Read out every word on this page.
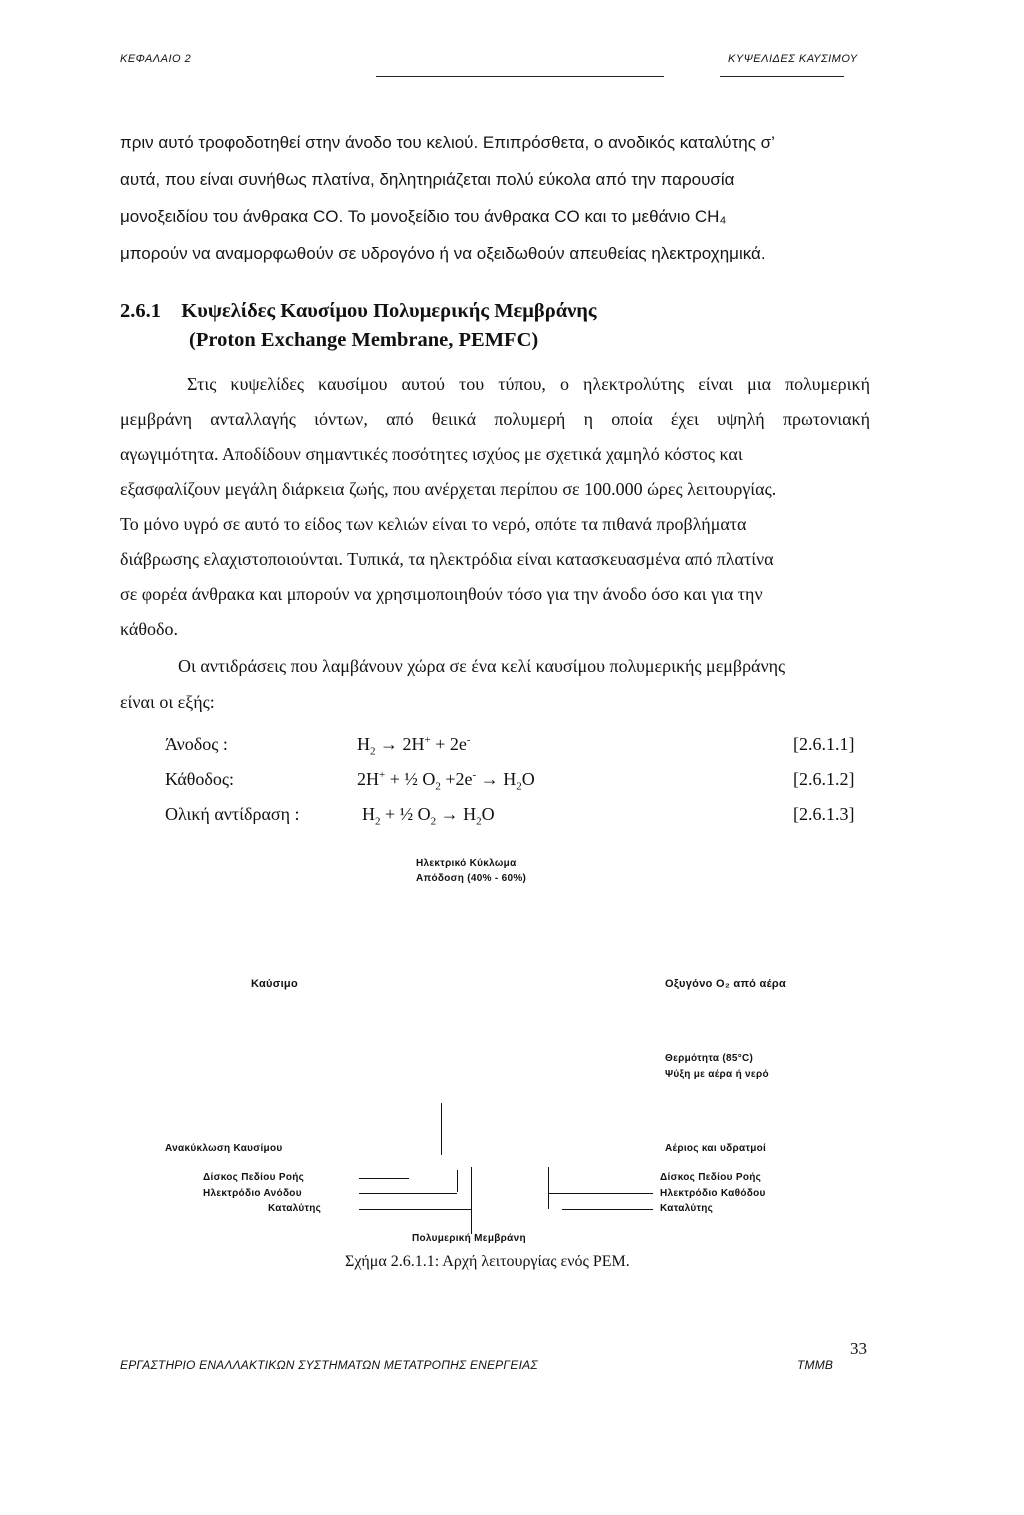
ΚΕΦΑΛΑΙΟ 2	ΚΥΨΕΛΙΔΕΣ ΚΑΥΣΙΜΟΥ
πριν αυτό τροφοδοτηθεί στην άνοδο του κελιού. Επιπρόσθετα, ο ανοδικός καταλύτης σ’
αυτά, που είναι συνήθως πλατίνα, δηλητηριάζεται πολύ εύκολα από την παρουσία
μονοξειδίου του άνθρακα CO. Το μονοξείδιο του άνθρακα CO και το μεθάνιο CH₄
μπορούν να αναμορφωθούν σε υδρογόνο ή να οξειδωθούν απευθείας ηλεκτροχημικά.
2.6.1 Κυψελίδες Καυσίμου Πολυμερικής Μεμβράνης
(Proton Exchange Membrane, PEMFC)
Στις κυψελίδες καυσίμου αυτού του τύπου, ο ηλεκτρολύτης είναι μια πολυμερική
μεμβράνη ανταλλαγής ιόντων, από θειικά πολυμερή η οποία έχει υψηλή πρωτονιακή
αγωγιμότητα. Αποδίδουν σημαντικές ποσότητες ισχύος με σχετικά χαμηλό κόστος και
εξασφαλίζουν μεγάλη διάρκεια ζωής, που ανέρχεται περίπου σε 100.000 ώρες λειτουργίας.
Το μόνο υγρό σε αυτό το είδος των κελιών είναι το νερό, οπότε τα πιθανά προβλήματα
διάβρωσης ελαχιστοποιούνται. Τυπικά, τα ηλεκτρόδια είναι κατασκευασμένα από πλατίνα
σε φορέα άνθρακα και μπορούν να χρησιμοποιηθούν τόσο για την άνοδο όσο και για την
κάθοδο.
Οι αντιδράσεις που λαμβάνουν χώρα σε ένα κελί καυσίμου πολυμερικής μεμβράνης
είναι οι εξής:
Άνοδος :	$H_2 \to 2H^+ + 2e^-$	[2.6.1.1]
Κάθοδος:	2H+ + ½ $O_2 +2e^- \to H_2O$	[2.6.1.2]
Ολική αντίδραση :	$H_2$ + ½ $O_2 \to H_2O$	[2.6.1.3]
Ηλεκτρικό Κύκλωμα
Απόδοση (40% - 60%)
Καύσιμο	Οξυγόνο O₂ από αέρα
Θερμότητα (85°C)
Ψύξη με αέρα ή νερό
Ανακύκλωση Καυσίμου	Αέριος και υδρατμοί
Δίσκος Πεδίου Ροής
Ηλεκτρόδιο Ανόδου
Καταλύτης
Δίσκος Πεδίου Ροής
Ηλεκτρόδιο Καθόδου
Καταλύτης
Πολυμερική Μεμβράνη
Σχήμα 2.6.1.1: Αρχή λειτουργίας ενός PEM.
33
ΕΡΓΑΣΤΗΡΙΟ ΕΝΑΛΛΑΚΤΙΚΩΝ ΣΥΣΤΗΜΑΤΩΝ ΜΕΤΑΤΡΟΠΗΣ ΕΝΕΡΓΕΙΑΣ	ΤΜΜΒ
